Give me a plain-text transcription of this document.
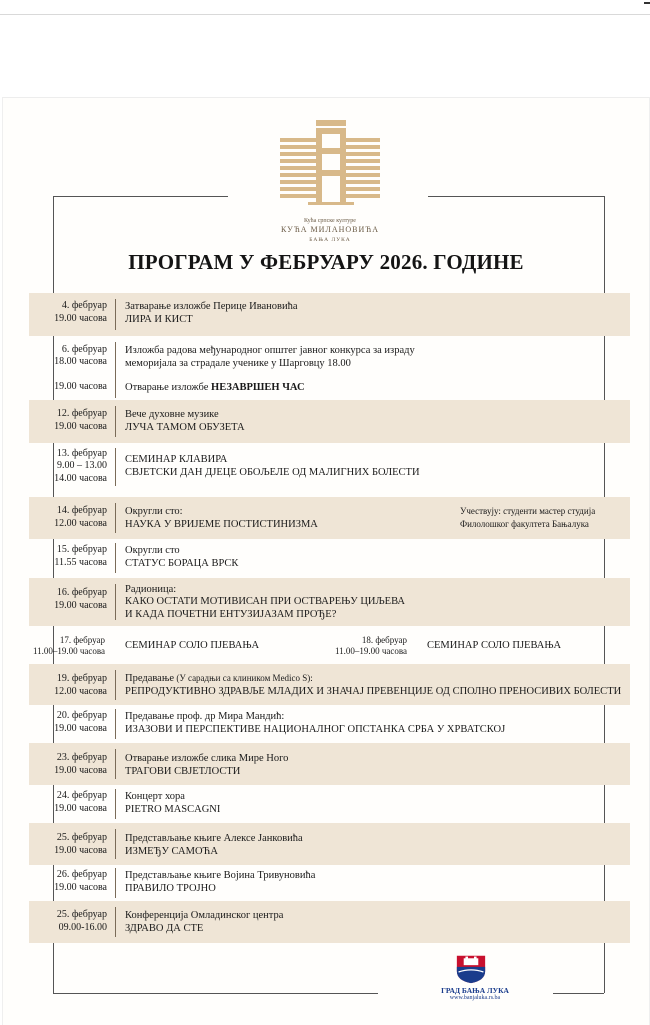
Кућа српске културе
КУЋА МИЛАНОВИЋА
БАЊА ЛУКА
ПРОГРАМ У ФЕБРУАРУ 2026. ГОДИНЕ
4. фебруар
19.00 часова
Затварање изложбе Перице Ивановића
ЛИРА И КИСТ
6. фебруар
18.00 часова
Изложба радова међународног општег јавног конкурса за израду
меморијала за страдале ученике у Шарговцу 18.00
19.00 часова Отварање изложбе НЕЗАВРШЕН ЧАС
12. фебруар
19.00 часова
Вече духовне музике
ЛУЧА ТАМОМ ОБУЗЕТА
13. фебруар
9.00 – 13.00
14.00 часова
СЕМИНАР КЛАВИРА
СВЈЕТСКИ ДАН ДЈЕЦЕ ОБОЉЕЛЕ ОД МАЛИГНИХ БОЛЕСТИ
14. фебруар
12.00 часова
Округли сто:
НАУКА У ВРИЈЕМЕ ПОСТИСТИНИЗМА
Учествују: студенти мастер студија
Филолошког факултета Бањалука
15. фебруар
11.55 часова
Округли сто
СТАТУС БОРАЦА ВРСК
16. фебруар
19.00 часова
Радионица:
КАКО ОСТАТИ МОТИВИСАН ПРИ ОСТВАРЕЊУ ЦИЉЕВА
И КАДА ПОЧЕТНИ ЕНТУЗИЈАЗАМ ПРОЂЕ?
17. фебруар
11.00–19.00 часова СЕМИНАР СОЛО ПЈЕВАЊА	18. фебруар
11.00–19.00 часова СЕМИНАР СОЛО ПЈЕВАЊА
19. фебруар
12.00 часова
Предавање (У сарадњи са клиником Medico S):
РЕПРОДУКТИВНО ЗДРАВЉЕ МЛАДИХ И ЗНАЧАЈ ПРЕВЕНЦИЈЕ ОД СПОЛНО ПРЕНОСИВИХ БОЛЕСТИ
20. фебруар
19.00 часова
Предавање проф. др Мира Мандић:
ИЗАЗОВИ И ПЕРСПЕКТИВЕ НАЦИОНАЛНОГ ОПСТАНКА СРБА У ХРВАТСКОЈ
23. фебруар
19.00 часова
Отварање изложбе слика Мире Ного
ТРАГОВИ СВЈЕТЛОСТИ
24. фебруар
19.00 часова
Концерт хора
PIETRO MASCAGNI
25. фебруар
19.00 часова
Представљање књиге Алексе Јанковића
ИЗМЕЂУ САМОЋА
26. фебруар
19.00 часова
Представљање књиге Војина Тривуновића
ПРАВИЛО ТРОЈНО
25. фебруар
09.00-16.00
Конференција Омладинског центра
ЗДРАВО ДА СТЕ
ГРАД БАЊА ЛУКА
www.banjaluka.rs.ba
